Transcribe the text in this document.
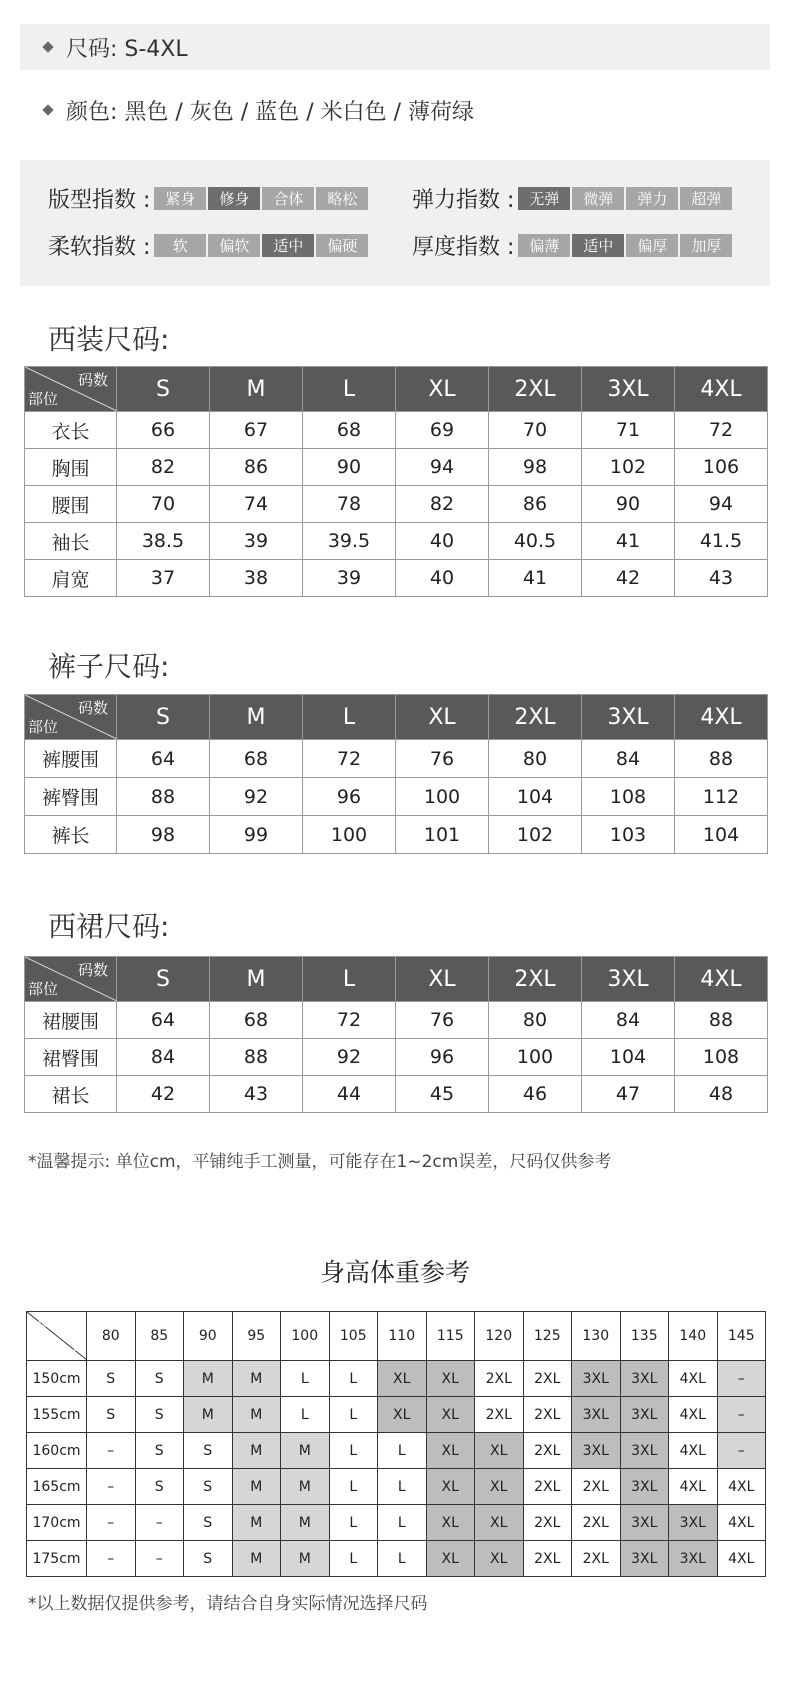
尺码: S-4XL
颜色: 黑色 / 灰色 / 蓝色 / 米白色 / 薄荷绿
版型指数 : 紧身	修身	合体	略松	弹力指数 : 无弹	微弹	弹力	超弹
柔软指数 :	软	偏软	适中	偏硬	厚度指数 : 偏薄	适中	偏厚	加厚
西装尺码:
码数
部位	S	M	L	XL	2XL	3XL	4XL
衣长	66	67	68	69	70	71	72
胸围	82	86	90	94	98	102	106
腰围	70	74	78	82	86	90	94
袖长	38.5	39	39.5	40	40.5	41	41.5
肩宽	37	38	39	40	41	42	43
裤子尺码:
码数
部位	S	M	L	XL	2XL	3XL	4XL
裤腰围	64	68	72	76	80	84	88
裤臀围	88	92	96	100	104	108	112
裤长	98	99	100	101	102	103	104
西裙尺码:
码数
部位	S	M	L	XL	2XL	3XL	4XL
裙腰围	64	68	72	76	80	84	88
裙臀围	84	88	92	96	100	104	108
裙长	42	43	44	45	46	47	48
*温馨提示: 单位cm，平铺纯手工测量，可能存在1~2cm误差，尺码仅供参考
身高体重参考
体重(斤)
身高(cm)	80	85	90	95	100	105	110	115	120	125	130	135	140	145
150cm	S	S	M	M	L	L	XL	XL	2XL	2XL	3XL	3XL	4XL	–
155cm	S	S	M	M	L	L	XL	XL	2XL	2XL	3XL	3XL	4XL	–
160cm	–	S	S	M	M	L	L	XL	XL	2XL	3XL	3XL	4XL	–
165cm	–	S	S	M	M	L	L	XL	XL	2XL	2XL	3XL	4XL	4XL
170cm	–	–	S	M	M	L	L	XL	XL	2XL	2XL	3XL	3XL	4XL
175cm	–	–	S	M	M	L	L	XL	XL	2XL	2XL	3XL	3XL	4XL
*以上数据仅提供参考，请结合自身实际情况选择尺码
